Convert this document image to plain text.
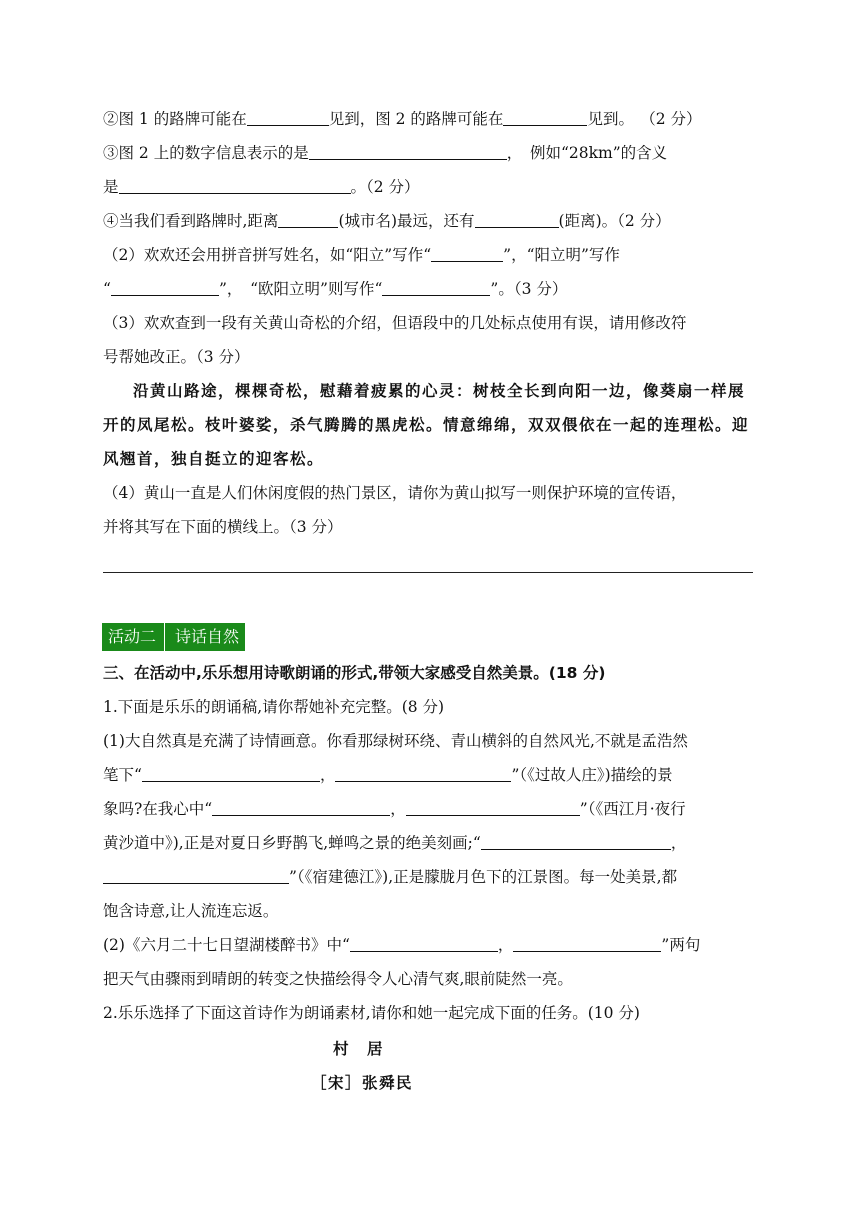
②图 1 的路牌可能在	见到，图 2 的路牌可能在	见到。 （2 分）
③图 2 上的数字信息表示的是	，　例如“28km”的含义
是	。（2 分）
④当我们看到路牌时,距离	(城市名)最远，还有	(距离)。（2 分）
（2）欢欢还会用拼音拼写姓名，如“阳立”写作“	”，“阳立明”写作
“	”，　“欧阳立明”则写作“	”。（3 分）
（3）欢欢查到一段有关黄山奇松的介绍，但语段中的几处标点使用有误，请用修改符
号帮她改正。（3 分）
沿黄山路途，棵棵奇松，慰藉着疲累的心灵：树枝全长到向阳一边，像葵扇一样展
开的凤尾松。枝叶婆娑，杀气腾腾的黑虎松。情意绵绵，双双偎依在一起的连理松。迎
风翘首，独自挺立的迎客松。
（4）黄山一直是人们休闲度假的热门景区，请你为黄山拟写一则保护环境的宣传语，
并将其写在下面的横线上。（3 分）
活动二 诗话自然
三、在活动中,乐乐想用诗歌朗诵的形式,带领大家感受自然美景。(18 分)
1.下面是乐乐的朗诵稿,请你帮她补充完整。(8 分)
(1)大自然真是充满了诗情画意。你看那绿树环绕、青山横斜的自然风光,不就是孟浩然
笔下“	，	”（《过故人庄》)描绘的景
象吗?在我心中“	，	”（《西江月·夜行
黄沙道中》),正是对夏日乡野鹊飞,蝉鸣之景的绝美刻画;“	，
”（《宿建德江》),正是朦胧月色下的江景图。每一处美景,都
饱含诗意,让人流连忘返。
(2)《六月二十七日望湖楼醉书》中“	，	”两句
把天气由骤雨到晴朗的转变之快描绘得令人心清气爽,眼前陡然一亮。
2.乐乐选择了下面这首诗作为朗诵素材,请你和她一起完成下面的任务。(10 分)
村　居
［宋］张舜民
